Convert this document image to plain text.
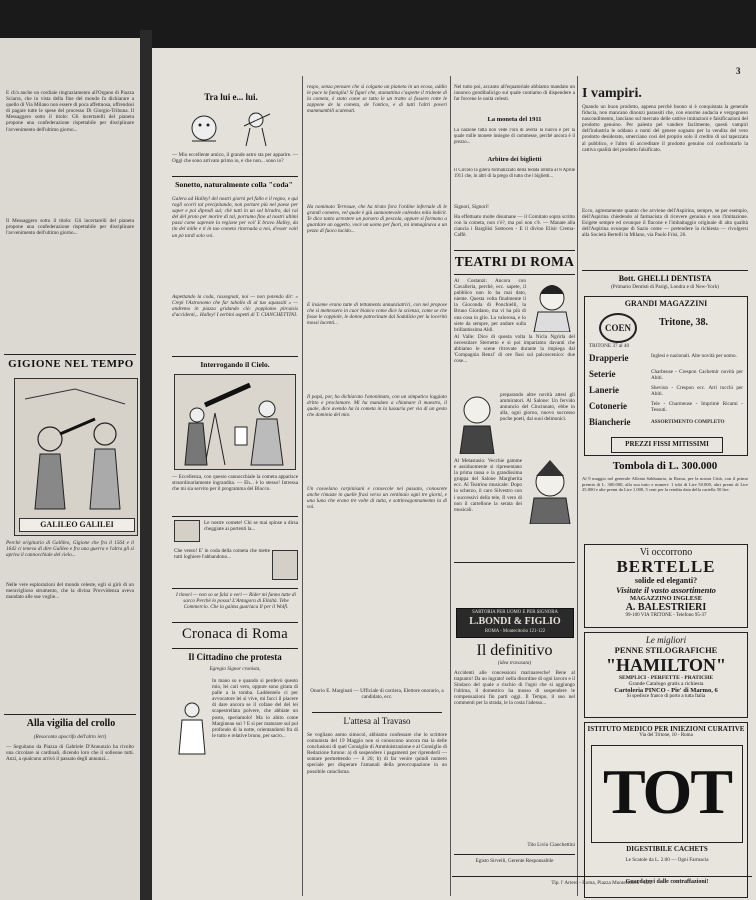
E ch'a anche un cordiale ringraziamento all'Organo di Piazza Sciarra, che in vista della fine del mondo fa dichiarare a quello di Via Milano non essere di poca affettuosa, offrendosi di pagare tutte le spese del processo Di Giorgio-Tribuna. Il Messaggero sotto il titolo: Gli incertarelli del pianeta propone una confederazione rispettabile per disciplinare l'avvenimento dell'ultimo giorno...
Il Messaggero sotto il titolo: Gli incertarelli del pianeta propone una confederazione rispettabile per disciplinare l'avvenimento dell'ultimo giorno...
GIGIONE NEL TEMPO
GALILEO GALILEI
Perchè originario di Gallileo, Gigione che fra il 1564 e il 1642 ci teneva di dire Galileo e fra una guerra e l'altra gli si apriva il cannocchiale del cielo...
Nelle vere esplorazioni del mondo celeste, egli si girò di un meraviglioso strumento, che la divina Provvidenza aveva mandato alle sue voglie...
Alla vigilia del crollo
(Resoconto apocrifo dell'altro ieri)
— Seguitano da Piazza di Gabriele D'Annunzio ha rivolto una circolare ai cardinali, dicendo loro che il solleone tutti. Anzi, a qualcuno arrivò il passato degli annunzi...
3
Tra lui e... lui.
— Mio eccellente amico, il grande astro sta per apparire. — Oggi che sono arrivato primo io, e che non... sono io?
Sonetto, naturalmente colla "coda"
Galera ad Halley! del nostri giorni pel fallo e il regno, e qui ragli scorri tal precipitando, non portare più nel paese per saper e poi diprodi sui; chè tutti in un sol biradro, dai rai del del proto per morire di tal, porrumo fino al nostri ultimi passi come sapreste la regione per voi! E bravo Halley, da tin del mille e ti in tuo cometa ritornada a noi, d'esser vaiti un pò tardi solo voi.
Aspettando la coda, rassegnati, noi — non potendo dir: « Crepi l'Astronomo che far taballo di al tuo squassiti » — andremo in piazza gridando ciò: poppiamo pircuisis d'accidenti,.. Halley! I zerbini aspetti di T. CIANCHETTINI.
Interrogando il Cielo.
— Eccellenza, con questo cannocchiale la cometa apparisce straordinariamente ingrandita. — Eh... è lo stesso! Intressa che mi sia servito per il programma del Blocco.
Le nostre comete! Chi se mai spinse a dirsa cheggiate ai portenti la...
Che vento! E' in coda della cometa che mette tutti loghiere l'abbandono...
I timori — non so se falsi o veri — Rider mi fanno tutte di sacco Perchè lo possa! L'Antagora di Ellaltà. Tebe Commercio. Che la gaima guariaca Il per il Wolfi.
Cronaca di Roma
Il Cittadino che protesta
Egregio Signor cronista,
In mano so e quando si perdevò questo mio, lei cari vero, oppure sono girata di palle a la tomba. Laddentelo ci per avvocatore lei sì vive, mi facci il piacere di dare ancora se il cofane del del lei scapestrellata polvere, che abbiate un posto, speriamolo! Ma io abito come Margineau sui ? E si per maturare sul pul profondo di la notte, orientandomi fra di le tutto e relative bruno, per sacro...
respo, senza pensare che si colgano un pianeta in un ecoso, addio le pace la famiglia! Si figuri che, stamattina c'aspette il tridente di la cometa, è stato come se tutto le un tratto si fossero rotte le zappone de la cometa, de l'antico, e di tutti l'altri poveri mammambili scatenati.
Ha nominato Terrosue, che ha tirato fora l'ordine infernale di le grandi cometes, vel quale è giù sunnontevole calendes mila indicit. Te dico tanto arrestere un parsero di pescola, oppure si formano a guardare un oggetto, vocè un uomo per fuori, mi immaginava a un pezzo di fuoco lucido...
E insieme erano tutte di tettaments annunziatrici, con nei propose che si mettessero in cuor bianco come dice la scienza, come se che fosse le coppiole, le donne patrocinate dal Sodalizio per la locerità mossi lucenti...
Il papà, por, ha dichiarato l'anonimato, con un simpatico loggiato dritto e proclamare. Mi ha mandato a chiamare il maestro, il quale, dice avendo ha la cometa in la lussuria per via di un gesto che dominio del mio.
Un cosoelano carpinisani e consecole nei passato, conoscete anche rimaste in quelle frasi verso un centinaio ogni tre giorni, e una luna che erano tre volte di tutta, e sottinvagonnamento la di voi.
Onorio E. Marginati — Ufficiale di carriera, Elettore onorario, a candidato, ecc.
L'attesa al Travaso
Se vogliano anmo simocol, abbiamo confessare che lo scrittore comunista del 19 Maggio non si conoscono ancora ma la delle conclusioni di quel Consiglio di Amministrazione e al Consiglio di Redazione furono: a) di sospendere i pagamenti per riprenderli — sontare permettendo — il 20; b) di far venire quindi numero speciale per disperare l'amanali della preoccupazione in un possibile cataclisma.
Nel tutto poi, accanto all'equatoriale abbiamo mandato un innonco gondibalicigo sul quale contiamo di dispendere a far forcene le unità celesti.
La moneta del 1911
La nazione tutta non vede l'ora di averla la nuova e per la quale mille monete insiegne di commesse, perchè ancora è il prezzo...
Arbitro dei biglietti
Il Circolo la gilera formalizzato della tedata intinta al 8 Aprile 1911 che, in altri di la prego di tutto che i biglietti...
Signori, Signori!
Ha effettuato molte disumane — il Comitato sopra scritto con la cometa, non c'è?, ma poi non c'è. — Manate alla ciancia i Bargilisi Sottocen - E il divino Elisir Crema-Caffè.
TEATRI DI ROMA
Al Costanzi: Ancora con Cavalleria, perchè, ecc. sapete, il pubblico non lo ha mai dato, niente. Questa volta finalmente il la Gioconda di Ponchielli, la Bruno Giordano, ma vi ha più di una cosa in glio. La valorosa, e lo siete da sempre, per andare sulla brillantissima Aldi.
Al Valle: Dice di questa volta la Nicla Ngrirla del necessitare Sternetto e si poi impariamo davanti che abbiamo le scene ritrovate durante la impiega dal 'Compagnia Renzi' di ore fissi sul palcoscenico: due cose...
preparando altre novità attesi gli ammiratori. Al Salone: Un fervido annuncio del Cincinnato, ebbe in alla, ogni giorno, nuovo successo poche poeti, dai suoi delmonici.
Al Metastasio: Vecchie gamme e assiduomente si ripresentano la prima tassa e la grandissima gruppa del Salone Margherita ecc. Al Teatrino musicale: Dopo lo scherzo, il caro Silvestro con i successivi della tele, Il vero di non il cartellone la serata dei musicali.
SARTORIA PER UOMO E PER SIGNORA
L.BONDI & FIGLIO
ROMA - Montecitorio 121-122
Il definitivo
(idea travasata)
Accidenti alle concessioni marinaresche! Bene al trapunto! Da un ingrato! nella disordine di ogni lavoro e il Sindaco del quale a rischio di l'ogni che si aggiungo l'ultima, il domestico ha mosso di sospendere le compensazioni fin parti oggi. Il Tempo, il suo nel commenti per la strada, le la costa l'adesso...
Tito Livio Cianchettini
Egisto Sirvelli, Gerente Responsabile
I vampiri.
Quando un buon prodotto, appena perchè buono si è conquistata la generale fiducia, non mancano dinonzi parassiti che, con enorme audacia e vergognoso nascondimento, lanciano sul mercato delle cattive imitazioni e falsificazioni del prodotto genuino. Per palesta pel vandere facilmente, questi vampiri dell'industria le oddano a nomi del genere sognato per la vendita del vero prodotto desiderato, smerciano così del proprio solo il credito di sol tapezzata al pubblico, e l'altro di accreditare il prodotto genuino col confrontarlo la cattiva qualità del prodotto falsificato.
Ecco, agrestamente quanto che avviene dell'Aspirina, sempre, se per esempio, dell'Aspirina chiedendo al farmacista di ricevere genuina e non l'imitazione. Esigete sempre ed ovunque il flacone e l'imbaltaggio originale di alta qualità dell'Aspirina ovunque di Sazio come — pretendere la richiesta — rivolgersi alla Società Bertelli in Milano, via Paolo Frisi, 26.
Bott. GHELLI DENTISTA
(Primario Dentisti di Parigi, Londra e di New-York)
GRANDI MAGAZZINI
COEN	Tritone, 38.
TRITONE 37 al 40
Drapperie	Inglesi e nazionali. Alte novità per uomo.
Seterie	Charbeuse - Crespon Cachemir novità per Abiti.
Lanerie	Sheviun - Crespon ecc. Arti tocchi per Abiti.
Cotonerie	Tele - Charmeuse - Imprimè Ricami - Tessuti.
Biancherie	ASSORTIMENTO COMPLETO
PREZZI FISSI MITISSIMI
Tombola di L. 300.000
Al 9 maggio nel generale Alleata Sabbataria, in Roma, per la nostra Città, con il primo premio di L. 300.000, alla sua tutto e numeri: 1 tobi di Lire 50.000, altri premi di Lire 25.000 e alte premi da Lire 1.000, 5 cent per la rendita data della cartella 50 lire.
Vi occorrono
BERTELLE
solide ed eleganti?
Visitate il vasto assortimento
MAGAZZINO INGLESE
A. BALESTRIERI
99-100 VIA TRITONE - Telefono 95-37
Le migliori
PENNE STILOGRAFICHE
"HAMILTON"
SEMPLICI - PERFETTE - PRATICHE
Grande Catalogo gratis a richiesta
Cartoleria PINCO - Pie' di Marmo, 6
Si spedisce franco di porto a tutta Italia
ISTITUTO MEDICO PER INIEZIONI CURATIVE
Via del Tritone, 10 - Roma
TOT
DIGESTIBILE CACHETS
Le Scatole da L. 2.00 — Ogni Farmacia
Guardatevi dalle contraffazioni!
Tip. l' Artero - Roma, Piazza Montecitorio - 124.
